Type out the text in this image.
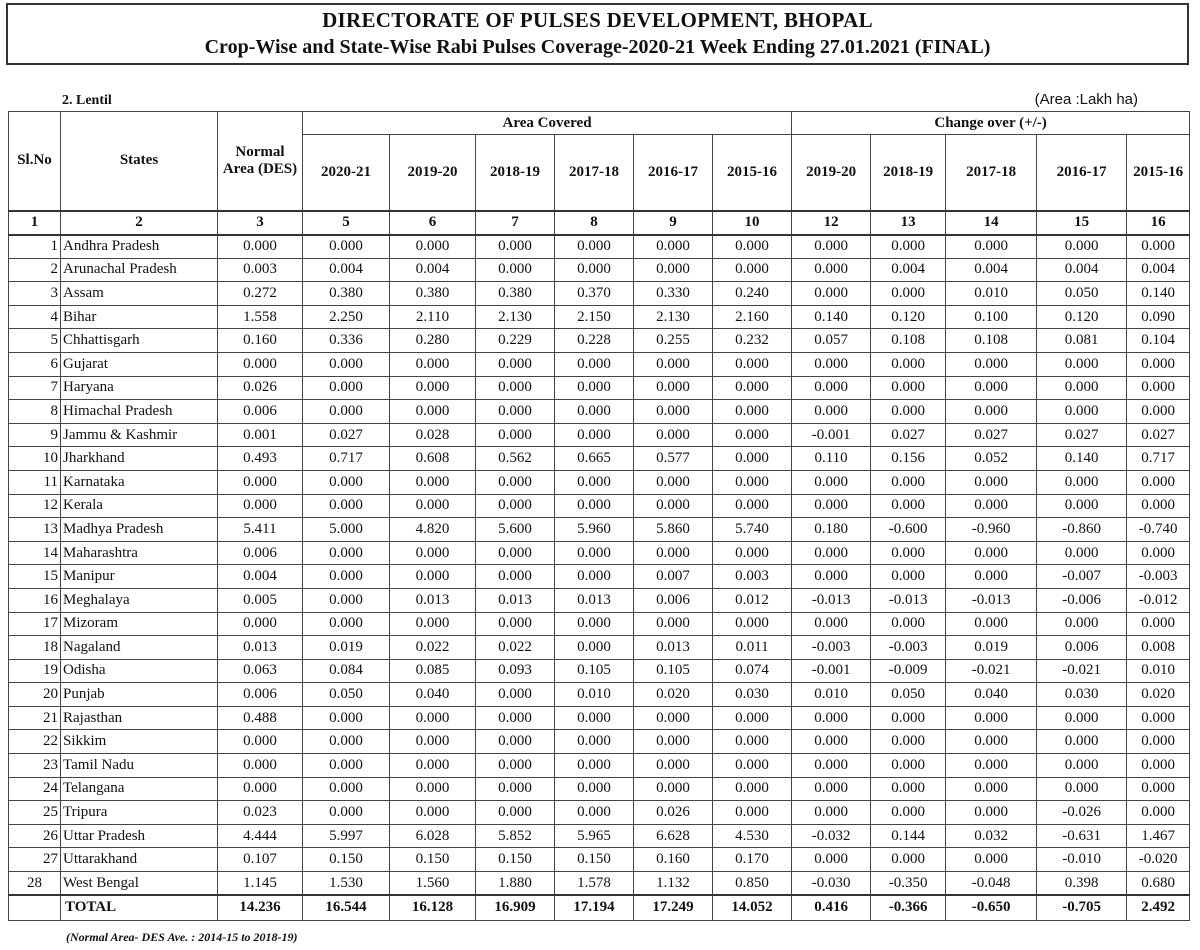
DIRECTORATE OF PULSES DEVELOPMENT, BHOPAL
Crop-Wise and State-Wise Rabi Pulses Coverage-2020-21 Week Ending 27.01.2021 (FINAL)
2. Lentil	(Area :Lakh ha)
Sl.No	States	Normal Area (DES)	Area Covered						Change over (+/-)				
			2020-21	2019-20	2018-19	2017-18	2016-17	2015-16	2019-20	2018-19	2017-18	2016-17	2015-16
1	2	3	5	6	7	8	9	10	12	13	14	15	16
1	Andhra Pradesh	0.000	0.000	0.000	0.000	0.000	0.000	0.000	0.000	0.000	0.000	0.000	0.000
2	Arunachal Pradesh	0.003	0.004	0.004	0.000	0.000	0.000	0.000	0.000	0.004	0.004	0.004	0.004
3	Assam	0.272	0.380	0.380	0.380	0.370	0.330	0.240	0.000	0.000	0.010	0.050	0.140
4	Bihar	1.558	2.250	2.110	2.130	2.150	2.130	2.160	0.140	0.120	0.100	0.120	0.090
5	Chhattisgarh	0.160	0.336	0.280	0.229	0.228	0.255	0.232	0.057	0.108	0.108	0.081	0.104
6	Gujarat	0.000	0.000	0.000	0.000	0.000	0.000	0.000	0.000	0.000	0.000	0.000	0.000
7	Haryana	0.026	0.000	0.000	0.000	0.000	0.000	0.000	0.000	0.000	0.000	0.000	0.000
8	Himachal Pradesh	0.006	0.000	0.000	0.000	0.000	0.000	0.000	0.000	0.000	0.000	0.000	0.000
9	Jammu & Kashmir	0.001	0.027	0.028	0.000	0.000	0.000	0.000	-0.001	0.027	0.027	0.027	0.027
10	Jharkhand	0.493	0.717	0.608	0.562	0.665	0.577	0.000	0.110	0.156	0.052	0.140	0.717
11	Karnataka	0.000	0.000	0.000	0.000	0.000	0.000	0.000	0.000	0.000	0.000	0.000	0.000
12	Kerala	0.000	0.000	0.000	0.000	0.000	0.000	0.000	0.000	0.000	0.000	0.000	0.000
13	Madhya Pradesh	5.411	5.000	4.820	5.600	5.960	5.860	5.740	0.180	-0.600	-0.960	-0.860	-0.740
14	Maharashtra	0.006	0.000	0.000	0.000	0.000	0.000	0.000	0.000	0.000	0.000	0.000	0.000
15	Manipur	0.004	0.000	0.000	0.000	0.000	0.007	0.003	0.000	0.000	0.000	-0.007	-0.003
16	Meghalaya	0.005	0.000	0.013	0.013	0.013	0.006	0.012	-0.013	-0.013	-0.013	-0.006	-0.012
17	Mizoram	0.000	0.000	0.000	0.000	0.000	0.000	0.000	0.000	0.000	0.000	0.000	0.000
18	Nagaland	0.013	0.019	0.022	0.022	0.000	0.013	0.011	-0.003	-0.003	0.019	0.006	0.008
19	Odisha	0.063	0.084	0.085	0.093	0.105	0.105	0.074	-0.001	-0.009	-0.021	-0.021	0.010
20	Punjab	0.006	0.050	0.040	0.000	0.010	0.020	0.030	0.010	0.050	0.040	0.030	0.020
21	Rajasthan	0.488	0.000	0.000	0.000	0.000	0.000	0.000	0.000	0.000	0.000	0.000	0.000
22	Sikkim	0.000	0.000	0.000	0.000	0.000	0.000	0.000	0.000	0.000	0.000	0.000	0.000
23	Tamil Nadu	0.000	0.000	0.000	0.000	0.000	0.000	0.000	0.000	0.000	0.000	0.000	0.000
24	Telangana	0.000	0.000	0.000	0.000	0.000	0.000	0.000	0.000	0.000	0.000	0.000	0.000
25	Tripura	0.023	0.000	0.000	0.000	0.000	0.026	0.000	0.000	0.000	0.000	-0.026	0.000
26	Uttar Pradesh	4.444	5.997	6.028	5.852	5.965	6.628	4.530	-0.032	0.144	0.032	-0.631	1.467
27	Uttarakhand	0.107	0.150	0.150	0.150	0.150	0.160	0.170	0.000	0.000	0.000	-0.010	-0.020
28	West Bengal	1.145	1.530	1.560	1.880	1.578	1.132	0.850	-0.030	-0.350	-0.048	0.398	0.680
	TOTAL	14.236	16.544	16.128	16.909	17.194	17.249	14.052	0.416	-0.366	-0.650	-0.705	2.492
(Normal Area- DES Ave. : 2014-15 to 2018-19)
